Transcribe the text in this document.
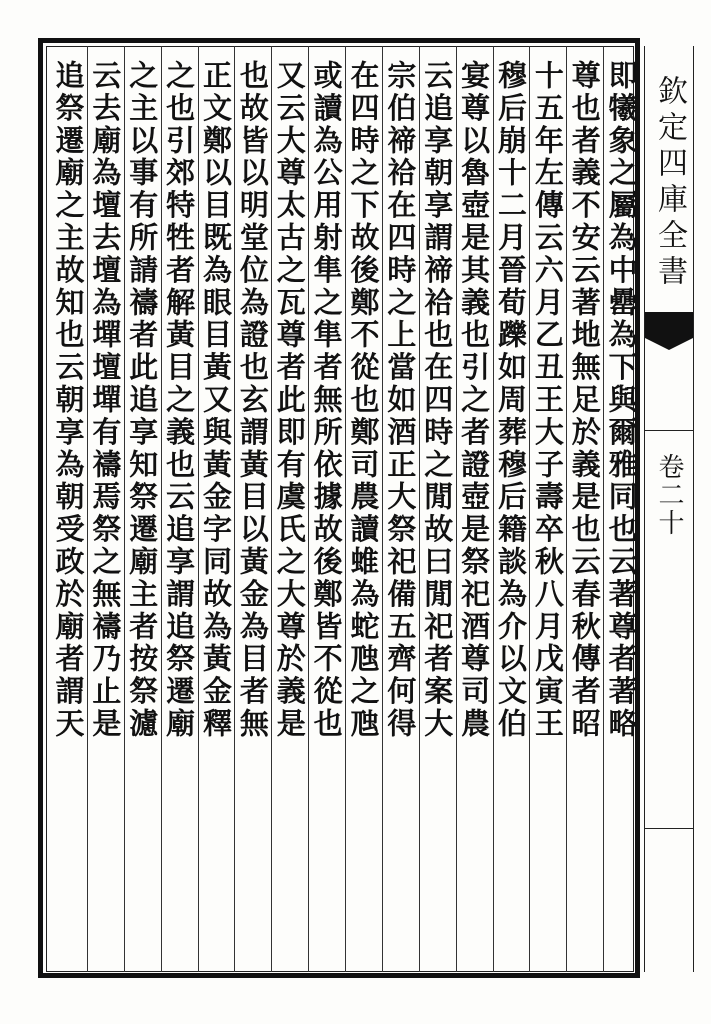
即犧象之屬為中罍為下與爾雅同也云著尊者著略
尊也者義不安云著地無足於義是也云春秋傳者昭
十五年左傳云六月乙丑王大子壽卒秋八月戊寅王
穆后崩十二月晉荀躒如周葬穆后籍談為介以文伯
宴尊以魯壺是其義也引之者證壺是祭祀酒尊司農
云追享朝享謂禘祫也在四時之閒故曰閒祀者案大
宗伯禘祫在四時之上當如酒正大祭祀備五齊何得
在四時之下故後鄭不從也鄭司農讀蜼為蛇虺之虺
或讀為公用射隼之隼者無所依據故後鄭皆不從也
又云大尊太古之瓦尊者此即有虞氏之大尊於義是
也故皆以明堂位為證也玄謂黃目以黃金為目者無
正文鄭以目既為眼目黃又與黃金字同故為黃金釋
之也引郊特牲者解黃目之義也云追享謂追祭遷廟
之主以事有所請禱者此追享知祭遷廟主者按祭濾
云去廟為壇去壇為墠壇墠有禱焉祭之無禱乃止是
追祭遷廟之主故知也云朝享為朝受政於廟者謂天	欽定四庫全書
卷二十
